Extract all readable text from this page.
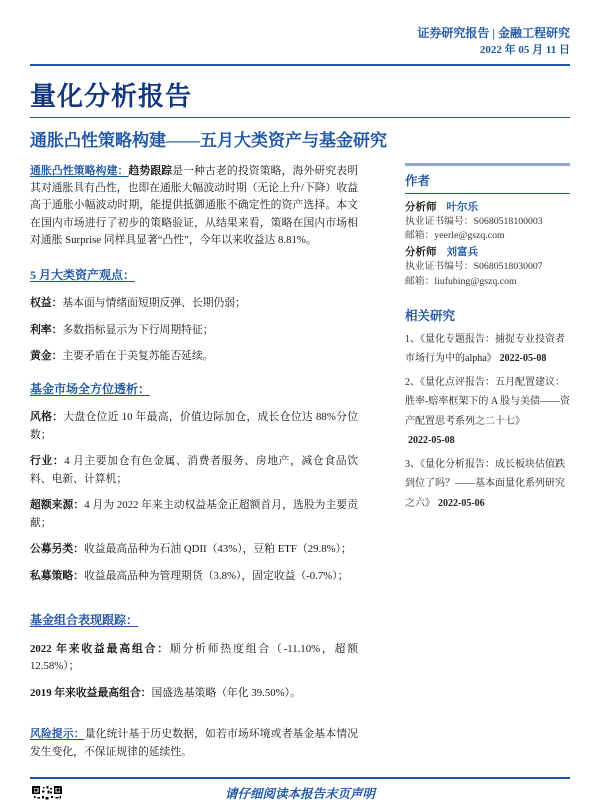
证券研究报告 | 金融工程研究
2022 年 05 月 11 日
量化分析报告
通胀凸性策略构建——五月大类资产与基金研究

通胀凸性策略构建：趋势跟踪是一种古老的投资策略，海外研究表明其对通胀具有凸性，也即在通胀大幅波动时期（无论上升/下降）收益高于通胀小幅波动时期，能提供抵御通胀不确定性的资产选择。本文在国内市场进行了初步的策略验证，从结果来看，策略在国内市场相对通胀 Surprise 同样具显著“凸性”，今年以来收益达 8.81%。

5 月大类资产观点：

权益：基本面与情绪面短期反弹、长期仍弱；

利率：多数指标显示为下行周期特征；

黄金：主要矛盾在于美复苏能否延续。

基金市场全方位透析：

风格：大盘仓位近 10 年最高，价值边际加仓，成长仓位达 88%分位数；

行业：4 月主要加仓有色金属、消费者服务、房地产，减仓食品饮料、电新、计算机；

超额来源：4 月为 2022 年来主动权益基金正超额首月，选股为主要贡献；

公募另类：收益最高品种为石油 QDII（43%），豆粕 ETF（29.8%）；

私募策略：收益最高品种为管理期货（3.8%），固定收益（-0.7%）；

基金组合表现跟踪：

2022 年来收益最高组合：顺分析师热度组合（-11.10%，超额 12.58%）；

2019 年来收益最高组合：国盛选基策略（年化 39.50%）。

风险提示：量化统计基于历史数据，如若市场环境或者基金基本情况发生变化，不保证规律的延续性。

作者
分析师 叶尔乐
执业证书编号：S0680518100003
邮箱：yeerle@gszq.com
分析师 刘富兵
执业证书编号：S0680518030007
邮箱：liufubing@gszq.com
相关研究
1、《量化专题报告：捕捉专业投资者市场行为中的alpha》 2022-05-08
2、《量化点评报告：五月配置建议：胜率-赔率框架下的 A 股与美债——资产配置思考系列之二十七》2022-05-08
3、《量化分析报告：成长板块估值跌到位了吗？——基本面量化系列研究之六》 2022-05-06
请仔细阅读本报告末页声明
